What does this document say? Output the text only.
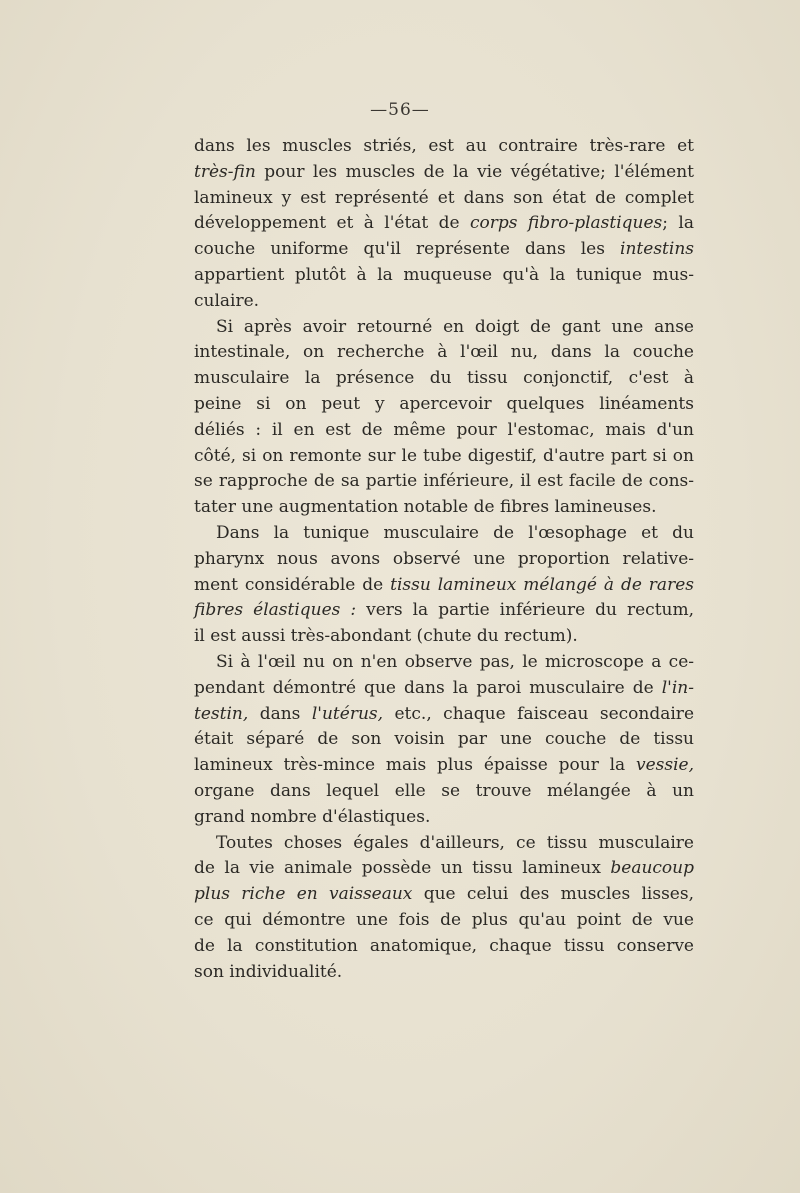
—56—
dans les muscles striés, est au contraire très-rare et
très-fin pour les muscles de la vie végétative; l'élément
lamineux y est représenté et dans son état de complet
développement et à l'état de corps fibro-plastiques; la
couche uniforme qu'il représente dans les intestins
appartient plutôt à la muqueuse qu'à la tunique mus-
culaire.
Si après avoir retourné en doigt de gant une anse
intestinale, on recherche à l'œil nu, dans la couche
musculaire la présence du tissu conjonctif, c'est à
peine si on peut y apercevoir quelques linéaments
déliés : il en est de même pour l'estomac, mais d'un
côté, si on remonte sur le tube digestif, d'autre part si on
se rapproche de sa partie inférieure, il est facile de cons-
tater une augmentation notable de fibres lamineuses.
Dans la tunique musculaire de l'œsophage et du
pharynx nous avons observé une proportion relative-
ment considérable de tissu lamineux mélangé à de rares
fibres élastiques : vers la partie inférieure du rectum,
il est aussi très-abondant (chute du rectum).
Si à l'œil nu on n'en observe pas, le microscope a ce-
pendant démontré que dans la paroi musculaire de l'in-
testin, dans l'utérus, etc., chaque faisceau secondaire
était séparé de son voisin par une couche de tissu
lamineux très-mince mais plus épaisse pour la vessie,
organe dans lequel elle se trouve mélangée à un
grand nombre d'élastiques.
Toutes choses égales d'ailleurs, ce tissu musculaire
de la vie animale possède un tissu lamineux beaucoup
plus riche en vaisseaux que celui des muscles lisses,
ce qui démontre une fois de plus qu'au point de vue
de la constitution anatomique, chaque tissu conserve
son individualité.
